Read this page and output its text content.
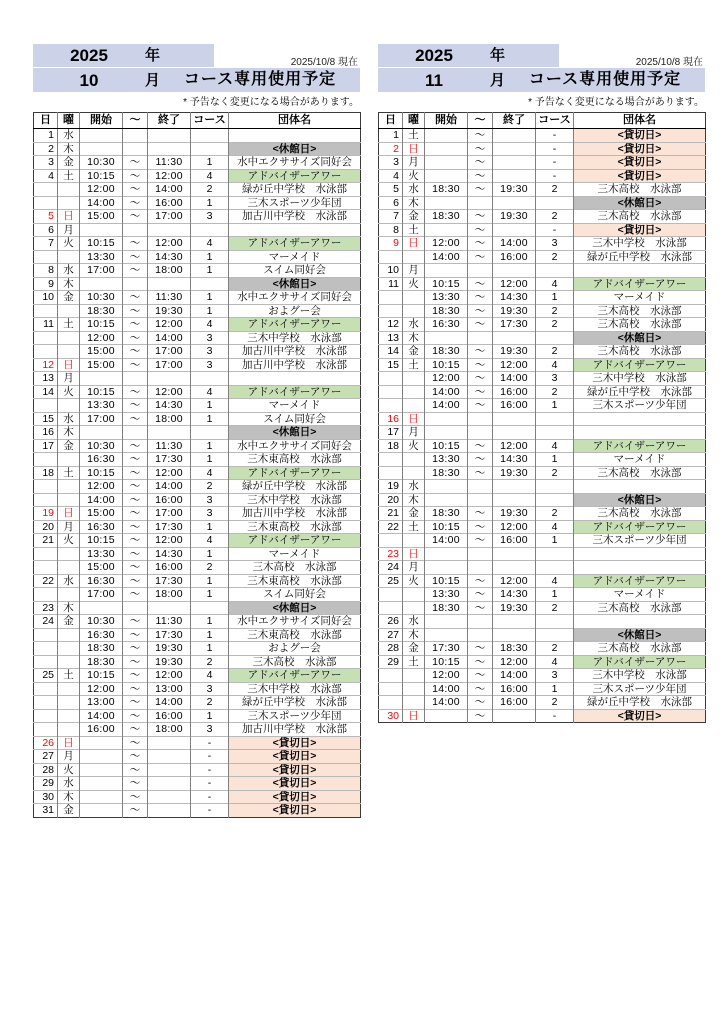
2025/10/8 現在
2025	年
10	月	コース専用使用予定
* 予告なく変更になる場合があります。
日	曜	開始	～	終了	コース	団体名
1	水					
2	木					<休館日>
3	金	10:30	～	11:30	1	水中エクササイズ同好会
4	土	10:15	～	12:00	4	アドバイザーアワー
		12:00	～	14:00	2	緑が丘中学校　水泳部
		14:00	～	16:00	1	三木スポーツ少年団
5	日	15:00	～	17:00	3	加古川中学校　水泳部
6	月					
7	火	10:15	～	12:00	4	アドバイザーアワー
		13:30	～	14:30	1	マーメイド
8	水	17:00	～	18:00	1	スイム同好会
9	木					<休館日>
10	金	10:30	～	11:30	1	水中エクササイズ同好会
		18:30	～	19:30	1	およグー会
11	土	10:15	～	12:00	4	アドバイザーアワー
		12:00	～	14:00	3	三木中学校　水泳部
		15:00	～	17:00	3	加古川中学校　水泳部
12	日	15:00	～	17:00	3	加古川中学校　水泳部
13	月					
14	火	10:15	～	12:00	4	アドバイザーアワー
		13:30	～	14:30	1	マーメイド
15	水	17:00	～	18:00	1	スイム同好会
16	木					<休館日>
17	金	10:30	～	11:30	1	水中エクササイズ同好会
		16:30	～	17:30	1	三木東高校　水泳部
18	土	10:15	～	12:00	4	アドバイザーアワー
		12:00	～	14:00	2	緑が丘中学校　水泳部
		14:00	～	16:00	3	三木中学校　水泳部
19	日	15:00	～	17:00	3	加古川中学校　水泳部
20	月	16:30	～	17:30	1	三木東高校　水泳部
21	火	10:15	～	12:00	4	アドバイザーアワー
		13:30	～	14:30	1	マーメイド
		15:00	～	16:00	2	三木高校　水泳部
22	水	16:30	～	17:30	1	三木東高校　水泳部
		17:00	～	18:00	1	スイム同好会
23	木					<休館日>
24	金	10:30	～	11:30	1	水中エクササイズ同好会
		16:30	～	17:30	1	三木東高校　水泳部
		18:30	～	19:30	1	およグー会
		18:30	～	19:30	2	三木高校　水泳部
25	土	10:15	～	12:00	4	アドバイザーアワー
		12:00	～	13:00	3	三木中学校　水泳部
		13:00	～	14:00	2	緑が丘中学校　水泳部
		14:00	～	16:00	1	三木スポーツ少年団
		16:00	～	18:00	3	加古川中学校　水泳部
26	日		～		-	<貸切日>
27	月		～		-	<貸切日>
28	火		～		-	<貸切日>
29	水		～		-	<貸切日>
30	木		～		-	<貸切日>
31	金		～		-	<貸切日>
2025/10/8 現在
2025	年
11	月	コース専用使用予定
* 予告なく変更になる場合があります。
日	曜	開始	～	終了	コース	団体名
1	土		～		-	<貸切日>
2	日		～		-	<貸切日>
3	月		～		-	<貸切日>
4	火		～		-	<貸切日>
5	水	18:30	～	19:30	2	三木高校　水泳部
6	木					<休館日>
7	金	18:30	～	19:30	2	三木高校　水泳部
8	土		～		-	<貸切日>
9	日	12:00	～	14:00	3	三木中学校　水泳部
		14:00	～	16:00	2	緑が丘中学校　水泳部
10	月					
11	火	10:15	～	12:00	4	アドバイザーアワー
		13:30	～	14:30	1	マーメイド
		18:30	～	19:30	2	三木高校　水泳部
12	水	16:30	～	17:30	2	三木高校　水泳部
13	木					<休館日>
14	金	18:30	～	19:30	2	三木高校　水泳部
15	土	10:15	～	12:00	4	アドバイザーアワー
		12:00	～	14:00	3	三木中学校　水泳部
		14:00	～	16:00	2	緑が丘中学校　水泳部
		14:00	～	16:00	1	三木スポーツ少年団
16	日					
17	月					
18	火	10:15	～	12:00	4	アドバイザーアワー
		13:30	～	14:30	1	マーメイド
		18:30	～	19:30	2	三木高校　水泳部
19	水					
20	木					<休館日>
21	金	18:30	～	19:30	2	三木高校　水泳部
22	土	10:15	～	12:00	4	アドバイザーアワー
		14:00	～	16:00	1	三木スポーツ少年団
23	日					
24	月					
25	火	10:15	～	12:00	4	アドバイザーアワー
		13:30	～	14:30	1	マーメイド
		18:30	～	19:30	2	三木高校　水泳部
26	水					
27	木					<休館日>
28	金	17:30	～	18:30	2	三木高校　水泳部
29	土	10:15	～	12:00	4	アドバイザーアワー
		12:00	～	14:00	3	三木中学校　水泳部
		14:00	～	16:00	1	三木スポーツ少年団
		14:00	～	16:00	2	緑が丘中学校　水泳部
30	日		～		-	<貸切日>
